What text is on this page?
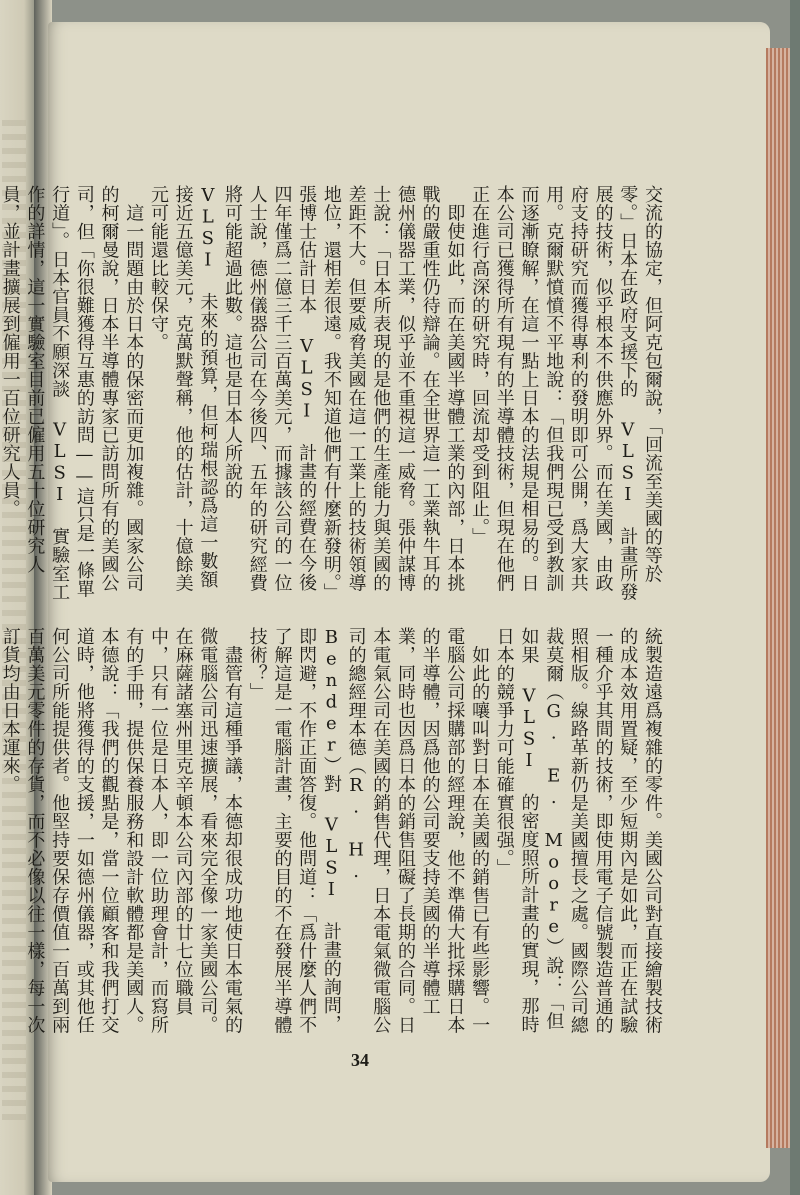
交流的協定，但阿克包爾說，「回流至美國的等於零。」日本在政府支援下的 VLSI 計畫所發展的技術，似乎根本不供應外界。而在美國，由政府支持研究而獲得專利的發明即可公開，爲大家共用。克爾默憤憤不平地說：「但我們現已受到教訓而逐漸瞭解，在這一點上日本的法規是相易的。日本公司已獲得所有現有的半導體技術，但現在他們正在進行高深的研究時，回流却受到阻止。」

　即使如此，而在美國半導體工業的內部，日本挑戰的嚴重性仍待辯論。在全世界這一工業執牛耳的德州儀器工業，似乎並不重視這一威脅。張仲謀博士說：「日本所表現的是他們的生產能力與美國的差距不大。但要威脅美國在這一工業上的技術領導地位，還相差很遠。我不知道他們有什麼新發明。」張博士估計日本 VLSI 計畫的經費在今後四年僅爲二億三千三百萬美元，而據該公司的一位人士說，德州儀器公司在今後四、五年的研究經費將可能超過此數。這也是日本人所說的 VLSI 未來的預算，但柯瑞根認爲這一數額接近五億美元，克萬默聲稱，他的估計，十億餘美元可能還比較保守。

　這一問題由於日本的保密而更加複雜。國家公司的柯爾曼說，日本半導體專家已訪問所有的美國公司，但「你很難獲得互惠的訪問——這只是一條單行道」。日本官員不願深談 VLSI 實驗室工作的詳情，這一實驗室目前已僱用五十位研究人員，並計畫擴展到僱用一百位研究人員。

統製造遠爲複雜的零件。美國公司對直接繪製技術的成本效用置疑，至少短期內是如此，而正在試驗一種介乎其間的技術，即使用電子信號製造普通的照相版。線路革新仍是美國擅長之處。國際公司總裁莫爾（G. E. Moore）說：「但如果 VLSI 的密度照所計畫的實現，那時日本的競爭力可能確實很强。」

　如此的嚷叫對日本在美國的銷售已有些影響。一電腦公司採購部的經理說，他不準備大批採購日本的半導體，因爲他的公司要支持美國的半導體工業，同時也因爲日本的銷售阻礙了長期的合同。日本電氣公司在美國的銷售代理，日本電氣微電腦公司的總經理本德（R. H. Bender）對 VLSI 計畫的詢問，即閃避，不作正面答復。他問道：「爲什麼人們不了解這是一電腦計畫，主要的目的不在發展半導體技術？」

　盡管有這種爭議，本德却很成功地使日本電氣的微電腦公司迅速擴展，看來完全像一家美國公司。在麻薩諸塞州里克辛頓本公司內部的廿七位職員中，只有一位是日本人，即一位助理會計，而寫所有的手冊，提供保養服務和設計軟體都是美國人。本德說：「我們的觀點是，當一位顧客和我們打交道時，他將獲得的支援，一如德州儀器，或其他任何公司所能提供者。他堅持要保存價值一百萬到兩百萬美元零件的存貨，而不必像以往一樣，每一次訂貨均由日本運來。

34
